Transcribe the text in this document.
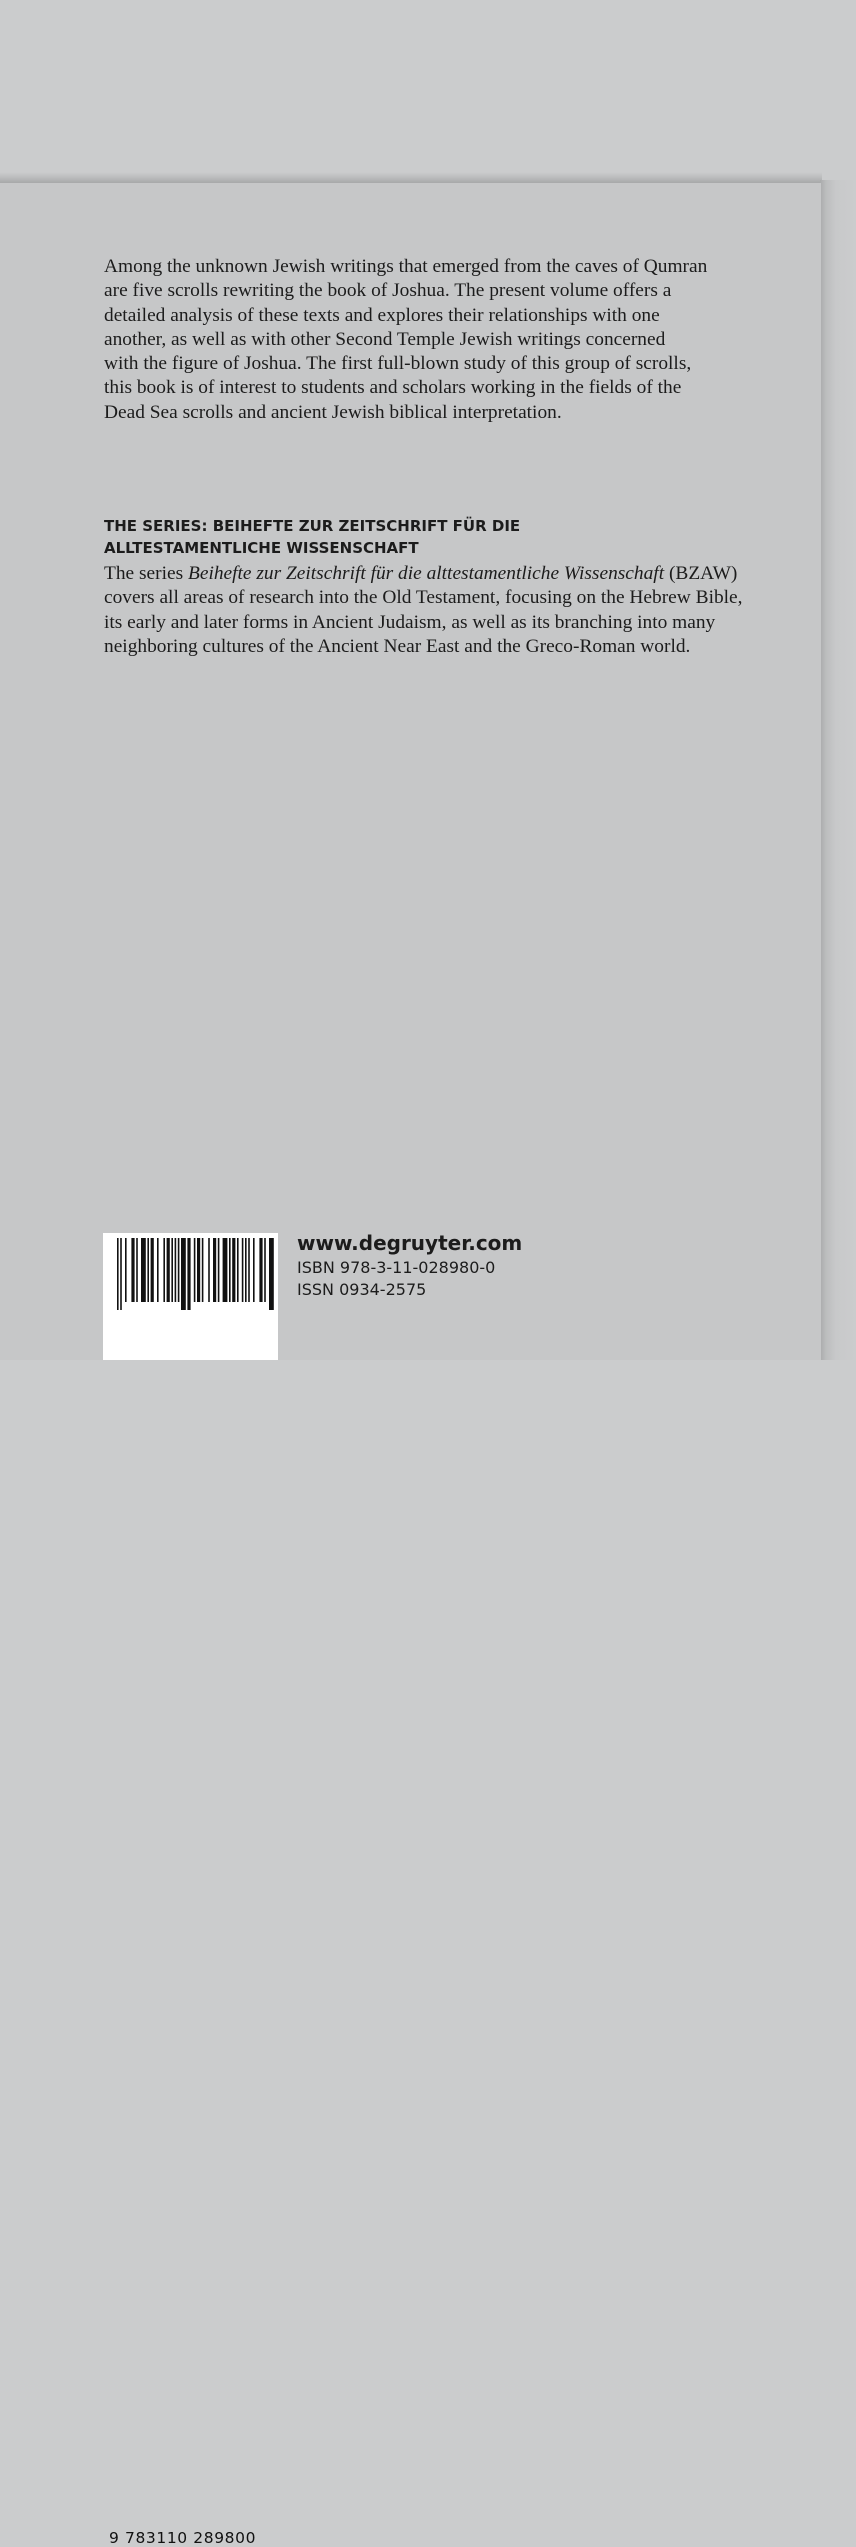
Among the unknown Jewish writings that emerged from the caves of Qumran
are five scrolls rewriting the book of Joshua. The present volume offers a
detailed analysis of these texts and explores their relationships with one
another, as well as with other Second Temple Jewish writings concerned
with the figure of Joshua. The first full-blown study of this group of scrolls,
this book is of interest to students and scholars working in the fields of the
Dead Sea scrolls and ancient Jewish biblical interpretation.

THE SERIES: BEIHEFTE ZUR ZEITSCHRIFT FÜR DIE
ALLTESTAMENTLICHE WISSENSCHAFT

The series Beihefte zur Zeitschrift für die alttestamentliche Wissenschaft (BZAW) covers all areas of research into the Old Testament, focusing on the Hebrew Bible, its early and later forms in Ancient Judaism, as well as its branching into many neighboring cultures of the Ancient Near East and the Greco-Roman world.

9 783110 289800
www.degruyter.com
ISBN 978-3-11-028980-0
ISSN 0934-2575
